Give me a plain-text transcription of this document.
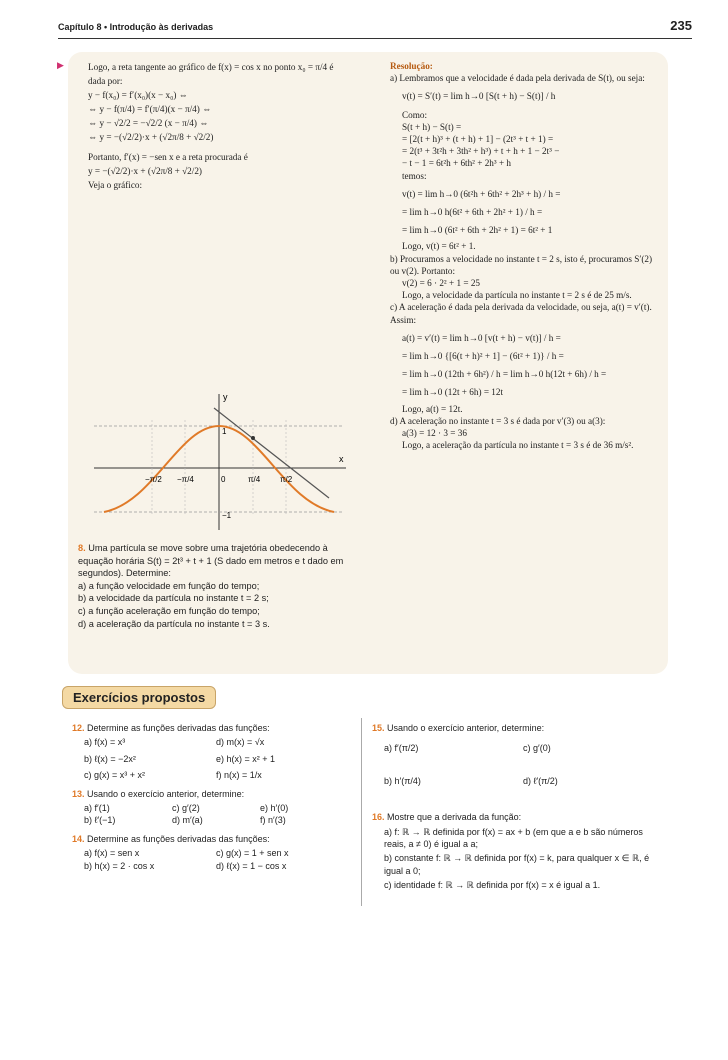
Capítulo 8 • Introdução às derivadas	235

Logo, a reta tangente ao gráfico de f(x) = cos x no ponto x₀ = π/4 é dada por:

y − f(x₀) = f′(x₀)(x − x₀) ⇔

⇔ y − f(π/4) = f′(π/4)(x − π/4) ⇔

⇔ y − √2/2 = −√2/2 (x − π/4) ⇔

⇔ y = −(√2/2)·x + (√2π/8 + √2/2)

Portanto, f′(x) = −sen x e a reta procurada é

y = −(√2/2)·x + (√2π/8 + √2/2)

Veja o gráfico:

y
x
−π/2 −π/4	0	π/4 π/2
1
−1

8. Uma partícula se move sobre uma trajetória obedecendo à equação horária S(t) = 2t³ + t + 1 (S dado em metros e t dado em segundos). Determine:

a) a função velocidade em função do tempo;

b) a velocidade da partícula no instante t = 2 s;

c) a função aceleração em função do tempo;

d) a aceleração da partícula no instante t = 3 s.

Resolução:

a) Lembramos que a velocidade é dada pela derivada de S(t), ou seja:

v(t) = S′(t) = lim h→0 [S(t + h) − S(t)] / h

Como:

S(t + h) − S(t) =

= [2(t + h)³ + (t + h) + 1] − (2t³ + t + 1) =

= 2(t³ + 3t²h + 3th² + h³) + t + h + 1 − 2t³ −

− t − 1 = 6t²h + 6th² + 2h³ + h

temos:

v(t) = lim h→0 (6t²h + 6th² + 2h³ + h) / h =

= lim h→0 h(6t² + 6th + 2h² + 1) / h =

= lim h→0 (6t² + 6th + 2h² + 1) = 6t² + 1

Logo, v(t) = 6t² + 1.

b) Procuramos a velocidade no instante t = 2 s, isto é, procuramos S′(2) ou v(2). Portanto:

v(2) = 6 · 2² + 1 = 25

Logo, a velocidade da partícula no instante t = 2 s é de 25 m/s.

c) A aceleração é dada pela derivada da velocidade, ou seja, a(t) = v′(t). Assim:

a(t) = v′(t) = lim h→0 [v(t + h) − v(t)] / h =

= lim h→0 {[6(t + h)² + 1] − (6t² + 1)} / h =

= lim h→0 (12th + 6h²) / h = lim h→0 h(12t + 6h) / h =

= lim h→0 (12t + 6h) = 12t

Logo, a(t) = 12t.

d) A aceleração no instante t = 3 s é dada por v′(3) ou a(3):

a(3) = 12 · 3 = 36

Logo, a aceleração da partícula no instante t = 3 s é de 36 m/s².

Exercícios propostos

12. Determine as funções derivadas das funções:

a) f(x) = x³	d) m(x) = √x
b) ℓ(x) = −2x²	e) h(x) = x² + 1
c) g(x) = x³ + x²	f) n(x) = 1/x

13. Usando o exercício anterior, determine:

a) f′(1)	c) g′(2)	e) h′(0)
b) ℓ′(−1)	d) m′(a)	f) n′(3)

14. Determine as funções derivadas das funções:

a) f(x) = sen x	c) g(x) = 1 + sen x
b) h(x) = 2 · cos x	d) ℓ(x) = 1 − cos x

15. Usando o exercício anterior, determine:

a) f′(π/2)	c) g′(0)
b) h′(π/4)	d) ℓ′(π/2)

16. Mostre que a derivada da função:

a) f: ℝ → ℝ definida por f(x) = ax + b (em que a e b são números reais, a ≠ 0) é igual a a;

b) constante f: ℝ → ℝ definida por f(x) = k, para qualquer x ∈ ℝ, é igual a 0;

c) identidade f: ℝ → ℝ definida por f(x) = x é igual a 1.

▶
